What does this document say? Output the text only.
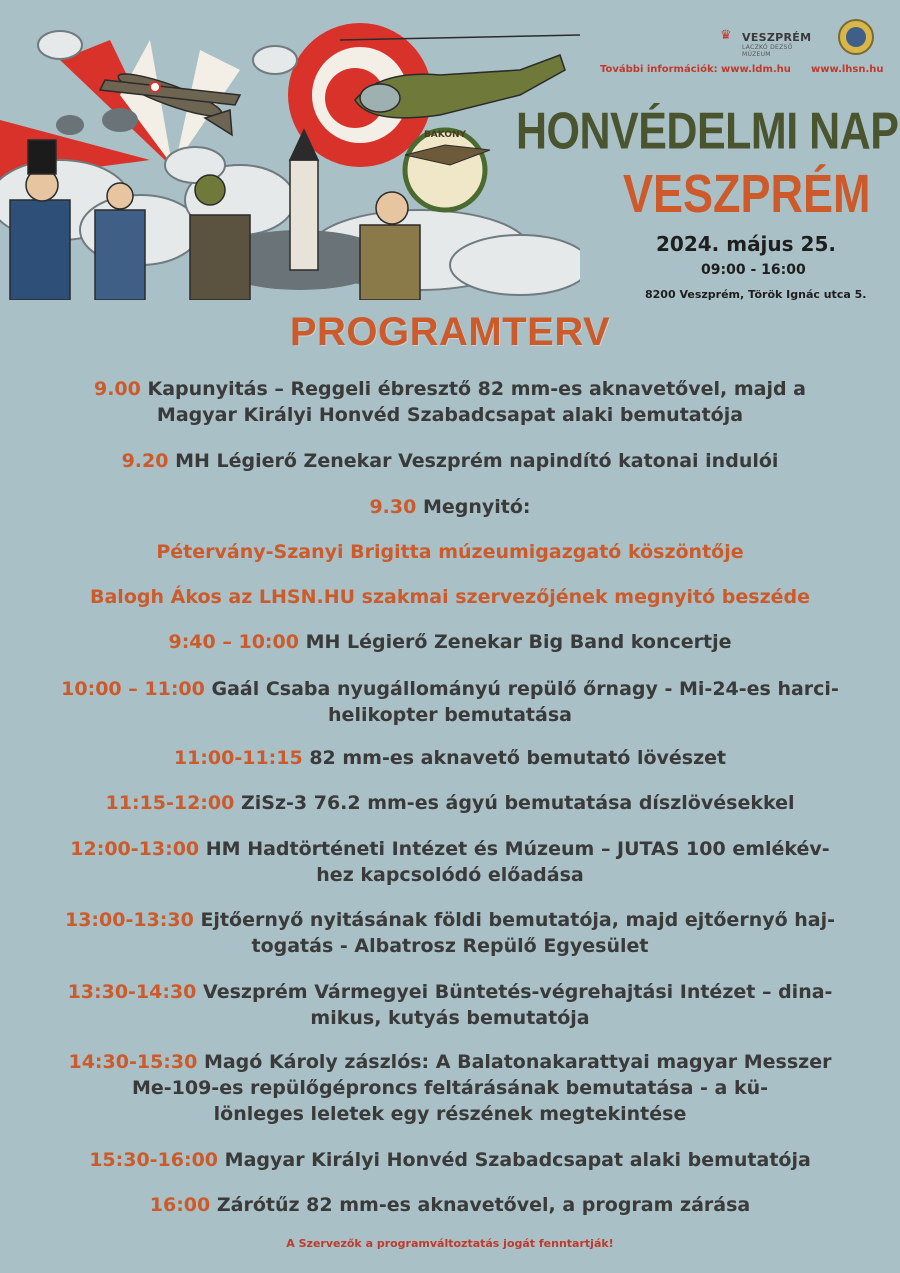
BAKONY
♛ VESZPRÉM
LACZKÓ DEZSŐ MÚZEUM
További információk: www.ldm.hu www.lhsn.hu
HONVÉDELMI NAP
VESZPRÉM
2024. május 25.
09:00 - 16:00
8200 Veszprém, Török Ignác utca 5.
PROGRAMTERV
9.00 Kapunyitás – Reggeli ébresztő 82 mm-es aknavetővel, majd a
Magyar Királyi Honvéd Szabadcsapat alaki bemutatója
9.20 MH Légierő Zenekar Veszprém napindító katonai indulói
9.30 Megnyitó:
Pétervány-Szanyi Brigitta múzeumigazgató köszöntője
Balogh Ákos az LHSN.HU szakmai szervezőjének megnyitó beszéde
9:40 – 10:00 MH Légierő Zenekar Big Band koncertje
10:00 – 11:00 Gaál Csaba nyugállományú repülő őrnagy - Mi-24-es harci-
helikopter bemutatása
11:00-11:15 82 mm-es aknavető bemutató lövészet
11:15-12:00 ZiSz-3 76.2 mm-es ágyú bemutatása díszlövésekkel
12:00-13:00 HM Hadtörténeti Intézet és Múzeum – JUTAS 100 emlékév-
hez kapcsolódó előadása
13:00-13:30 Ejtőernyő nyitásának földi bemutatója, majd ejtőernyő haj-
togatás - Albatrosz Repülő Egyesület
13:30-14:30 Veszprém Vármegyei Büntetés-végrehajtási Intézet – dina-
mikus, kutyás bemutatója
14:30-15:30 Magó Károly zászlós: A Balatonakarattyai magyar Messzer
Me-109-es repülőgéproncs feltárásának bemutatása - a kü-
lönleges leletek egy részének megtekintése
15:30-16:00 Magyar Királyi Honvéd Szabadcsapat alaki bemutatója
16:00 Zárótűz 82 mm-es aknavetővel, a program zárása
A Szervezők a programváltoztatás jogát fenntartják!
